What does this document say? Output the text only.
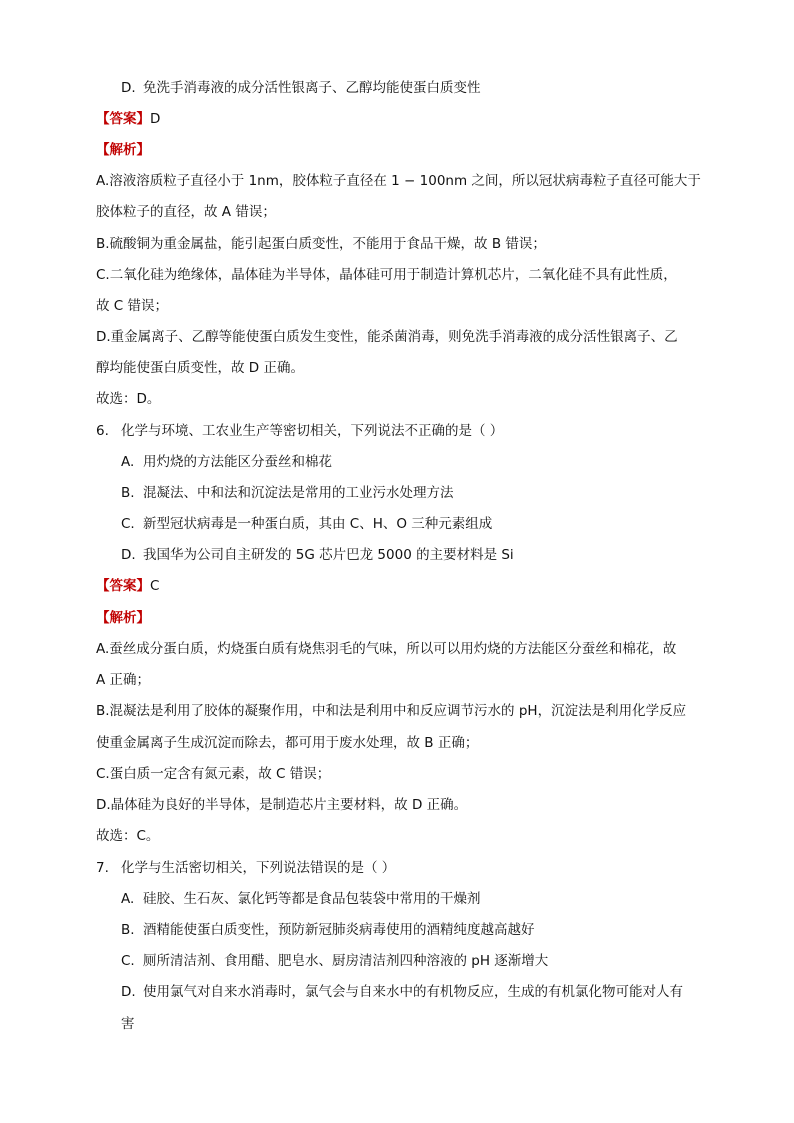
D. 免洗手消毒液的成分活性银离子、乙醇均能使蛋白质变性
【答案】D
【解析】
A.溶液溶质粒子直径小于 1nm，胶体粒子直径在 1 − 100nm 之间，所以冠状病毒粒子直径可能大于
胶体粒子的直径，故 A 错误；
B.硫酸铜为重金属盐，能引起蛋白质变性，不能用于食品干燥，故 B 错误；
C.二氧化硅为绝缘体，晶体硅为半导体，晶体硅可用于制造计算机芯片，二氧化硅不具有此性质，
故 C 错误；
D.重金属离子、乙醇等能使蛋白质发生变性，能杀菌消毒，则免洗手消毒液的成分活性银离子、乙
醇均能使蛋白质变性，故 D 正确。
故选：D。
6. 化学与环境、工农业生产等密切相关，下列说法不正确的是（ ）
A. 用灼烧的方法能区分蚕丝和棉花
B. 混凝法、中和法和沉淀法是常用的工业污水处理方法
C. 新型冠状病毒是一种蛋白质，其由 C、H、O 三种元素组成
D. 我国华为公司自主研发的 5G 芯片巴龙 5000 的主要材料是 Si
【答案】C
【解析】
A.蚕丝成分蛋白质，灼烧蛋白质有烧焦羽毛的气味，所以可以用灼烧的方法能区分蚕丝和棉花，故
A 正确；
B.混凝法是利用了胶体的凝聚作用，中和法是利用中和反应调节污水的 pH，沉淀法是利用化学反应
使重金属离子生成沉淀而除去，都可用于废水处理，故 B 正确；
C.蛋白质一定含有氮元素，故 C 错误；
D.晶体硅为良好的半导体，是制造芯片主要材料，故 D 正确。
故选：C。
7. 化学与生活密切相关，下列说法错误的是（ ）
A. 硅胶、生石灰、氯化钙等都是食品包装袋中常用的干燥剂
B. 酒精能使蛋白质变性，预防新冠肺炎病毒使用的酒精纯度越高越好
C. 厕所清洁剂、食用醋、肥皂水、厨房清洁剂四种溶液的 pH 逐渐增大
D. 使用氯气对自来水消毒时，氯气会与自来水中的有机物反应，生成的有机氯化物可能对人有
害
